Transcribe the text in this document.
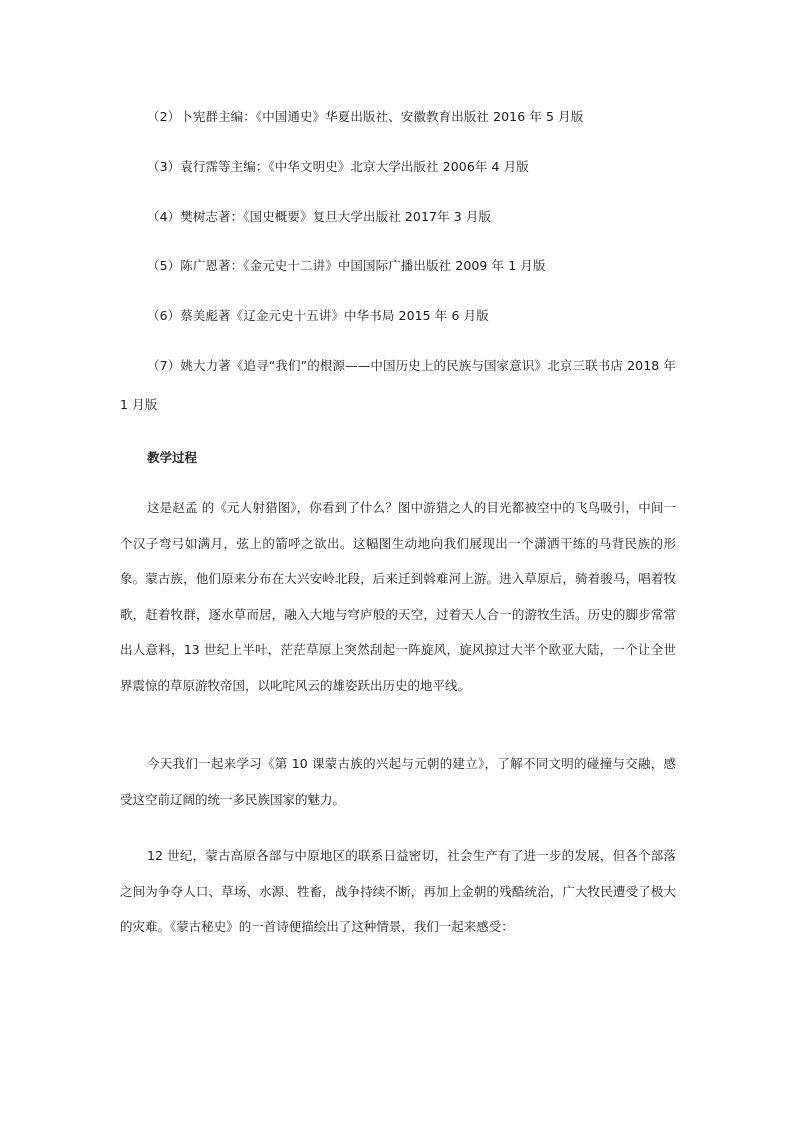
（2）卜宪群主编：《中国通史》华夏出版社、安徽教育出版社 2016 年 5 月版

（3）袁行霈等主编：《中华文明史》北京大学出版社 2006年 4 月版

（4）樊树志著：《国史概要》复旦大学出版社 2017年 3 月版

（5）陈广恩著：《金元史十二讲》中国国际广播出版社 2009 年 1 月版

（6）蔡美彪著《辽金元史十五讲》中华书局 2015 年 6 月版

（7）姚大力著《追寻“我们”的根源——中国历史上的民族与国家意识》北京三联书店 2018 年 1 月版

教学过程

这是赵孟 的《元人射猎图》，你看到了什么？图中游猎之人的目光都被空中的飞鸟吸引，中间一个汉子弯弓如满月，弦上的箭呼之欲出。这幅图生动地向我们展现出一个潇洒干练的马背民族的形象。蒙古族，他们原来分布在大兴安岭北段，后来迁到斡难河上游。进入草原后，骑着骏马，唱着牧歌，赶着牧群，逐水草而居，融入大地与穹庐般的天空，过着天人合一的游牧生活。历史的脚步常常出人意料，13 世纪上半叶，茫茫草原上突然刮起一阵旋风，旋风掠过大半个欧亚大陆，一个让全世界震惊的草原游牧帝国，以叱咤风云的雄姿跃出历史的地平线。

今天我们一起来学习《第 10 课蒙古族的兴起与元朝的建立》，了解不同文明的碰撞与交融，感受这空前辽阔的统一多民族国家的魅力。

12 世纪，蒙古高原各部与中原地区的联系日益密切，社会生产有了进一步的发展，但各个部落之间为争夺人口、草场、水源、牲畜，战争持续不断，再加上金朝的残酷统治，广大牧民遭受了极大的灾难。《蒙古秘史》的一首诗便描绘出了这种情景，我们一起来感受：
